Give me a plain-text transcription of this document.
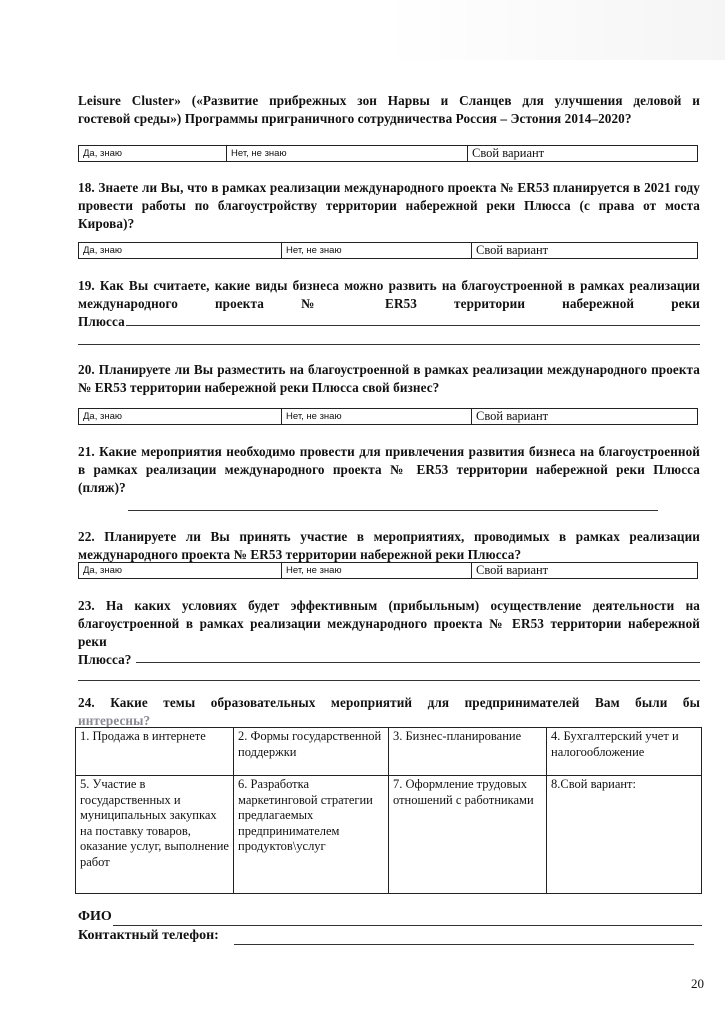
Leisure Cluster» («Развитие прибрежных зон Нарвы и Сланцев для улучшения деловой и
гостевой среды») Программы приграничного сотрудничества Россия – Эстония 2014–2020?
Да, знаю	Нет, не знаю	Свой вариант
18. Знаете ли Вы, что в рамках реализации международного проекта № ER53 планируется в 2021 году провести работы по благоустройству территории набережной реки Плюсса (с права от моста Кирова)?
Да, знаю	Нет, не знаю	Свой вариант
19. Как Вы считаете, какие виды бизнеса можно развить на благоустроенной в рамках реализации международного проекта № ER53 территории набережной реки
Плюсса
20. Планируете ли Вы разместить на благоустроенной в рамках реализации международного проекта № ER53 территории набережной реки Плюсса свой бизнес?
Да, знаю	Нет, не знаю	Свой вариант
21. Какие мероприятия необходимо провести для привлечения развития бизнеса на благоустроенной в рамках реализации международного проекта № ER53 территории набережной реки Плюсса
(пляж)?
22. Планируете ли Вы принять участие в мероприятиях, проводимых в рамках реализации международного проекта № ER53 территории набережной реки Плюсса?
Да, знаю	Нет, не знаю	Свой вариант
23. На каких условиях будет эффективным (прибыльным) осуществление деятельности на благоустроенной в рамках реализации международного проекта № ER53 территории набережной реки
Плюсса?
24. Какие темы образовательных мероприятий для предпринимателей Вам были бы
интересны?
1. Продажа в интернете	2. Формы государственной поддержки	3. Бизнес-планирование	4. Бухгалтерский учет и налогообложение
5. Участие в государственных и муниципальных закупках на поставку товаров, оказание услуг, выполнение работ	6. Разработка маркетинговой стратегии предлагаемых предпринимателем продуктов\услуг	7. Оформление трудовых отношений с работниками	8.Свой вариант:
ФИО
Контактный телефон:
20
